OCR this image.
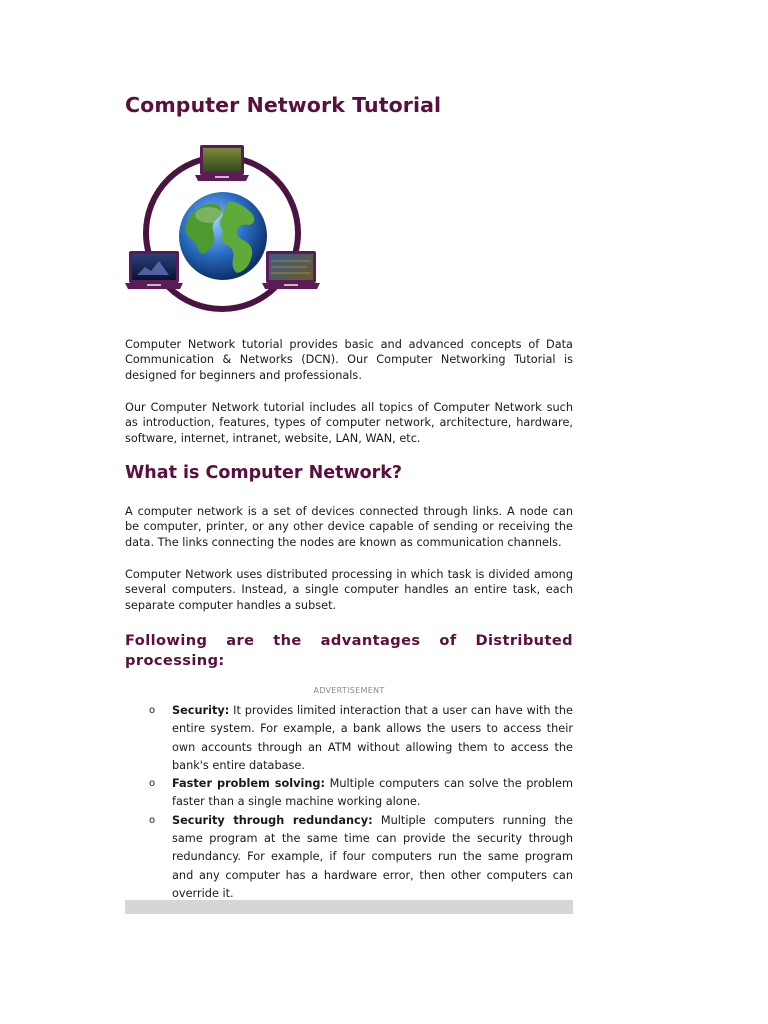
Computer Network Tutorial

Computer Network tutorial provides basic and advanced concepts of Data Communication & Networks (DCN). Our Computer Networking Tutorial is designed for beginners and professionals.

Our Computer Network tutorial includes all topics of Computer Network such as introduction, features, types of computer network, architecture, hardware, software, internet, intranet, website, LAN, WAN, etc.

What is Computer Network?

A computer network is a set of devices connected through links. A node can be computer, printer, or any other device capable of sending or receiving the data. The links connecting the nodes are known as communication channels.

Computer Network uses distributed processing in which task is divided among several computers. Instead, a single computer handles an entire task, each separate computer handles a subset.

Following are the advantages of Distributed processing:
ADVERTISEMENT
o Security: It provides limited interaction that a user can have with the entire system. For example, a bank allows the users to access their own accounts through an ATM without allowing them to access the bank's entire database.
o Faster problem solving: Multiple computers can solve the problem faster than a single machine working alone.
o Security through redundancy: Multiple computers running the same program at the same time can provide the security through redundancy. For example, if four computers run the same program and any computer has a hardware error, then other computers can override it.
